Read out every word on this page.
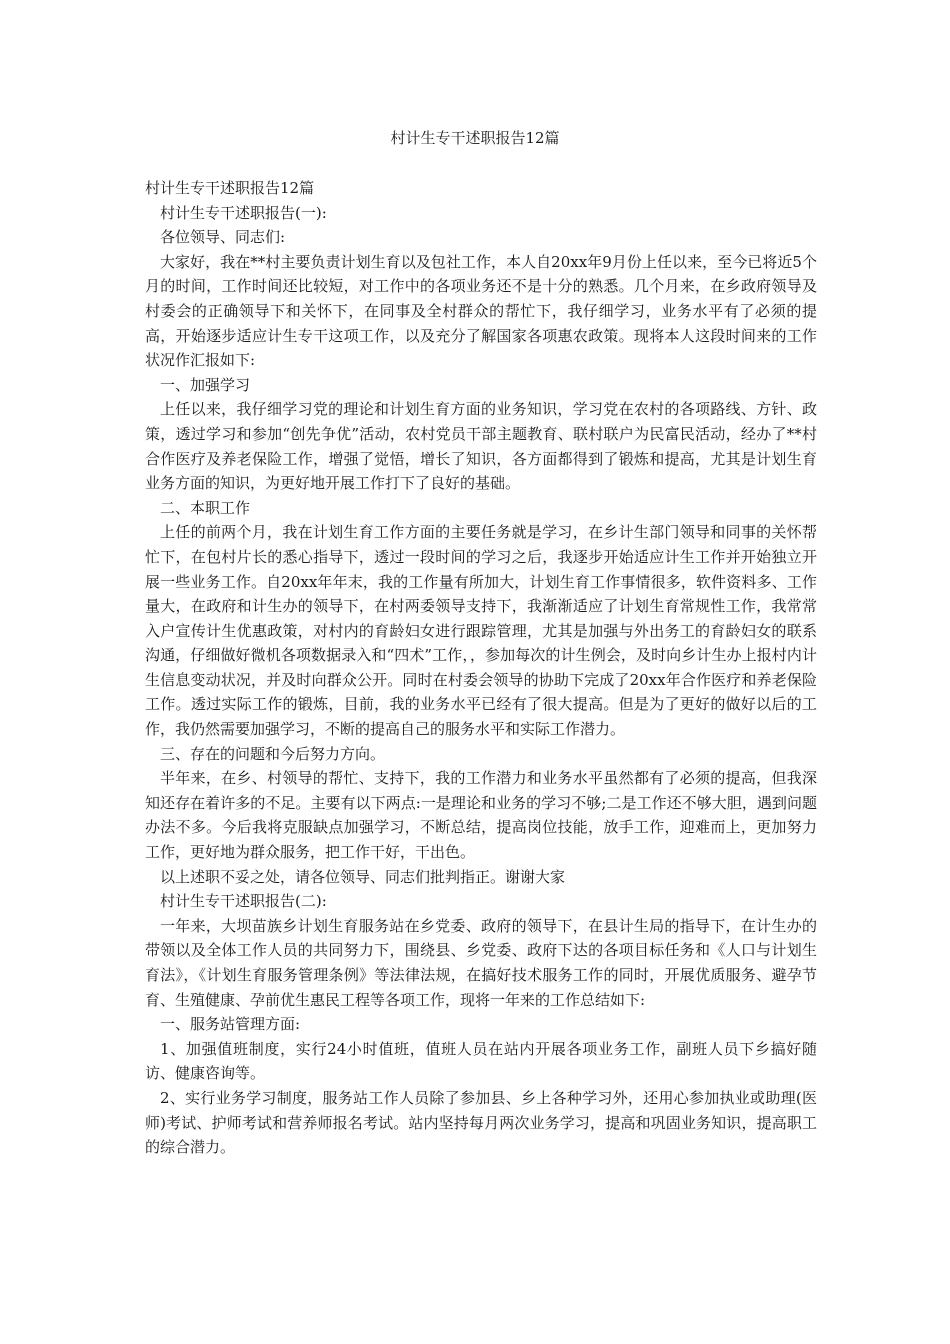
村计生专干述职报告12篇

村计生专干述职报告12篇

村计生专干述职报告(一):

各位领导、同志们:

大家好，我在**村主要负责计划生育以及包社工作，本人自20xx年9月份上任以来，至今已将近5个月的时间，工作时间还比较短，对工作中的各项业务还不是十分的熟悉。几个月来，在乡政府领导及村委会的正确领导下和关怀下，在同事及全村群众的帮忙下，我仔细学习，业务水平有了必须的提高，开始逐步适应计生专干这项工作，以及充分了解国家各项惠农政策。现将本人这段时间来的工作状况作汇报如下:

一、加强学习

上任以来，我仔细学习党的理论和计划生育方面的业务知识，学习党在农村的各项路线、方针、政策，透过学习和参加“创先争优”活动，农村党员干部主题教育、联村联户为民富民活动，经办了**村合作医疗及养老保险工作，增强了觉悟，增长了知识，各方面都得到了锻炼和提高，尤其是计划生育业务方面的知识，为更好地开展工作打下了良好的基础。

二、本职工作

上任的前两个月，我在计划生育工作方面的主要任务就是学习，在乡计生部门领导和同事的关怀帮忙下，在包村片长的悉心指导下，透过一段时间的学习之后，我逐步开始适应计生工作并开始独立开展一些业务工作。自20xx年年末，我的工作量有所加大，计划生育工作事情很多，软件资料多、工作量大，在政府和计生办的领导下，在村两委领导支持下，我渐渐适应了计划生育常规性工作，我常常入户宣传计生优惠政策，对村内的育龄妇女进行跟踪管理，尤其是加强与外出务工的育龄妇女的联系沟通，仔细做好微机各项数据录入和“四术”工作，，参加每次的计生例会，及时向乡计生办上报村内计生信息变动状况，并及时向群众公开。同时在村委会领导的协助下完成了20xx年合作医疗和养老保险工作。透过实际工作的锻炼，目前，我的业务水平已经有了很大提高。但是为了更好的做好以后的工作，我仍然需要加强学习，不断的提高自己的服务水平和实际工作潜力。

三、存在的问题和今后努力方向。

半年来，在乡、村领导的帮忙、支持下，我的工作潜力和业务水平虽然都有了必须的提高，但我深知还存在着许多的不足。主要有以下两点:一是理论和业务的学习不够;二是工作还不够大胆，遇到问题办法不多。今后我将克服缺点加强学习，不断总结，提高岗位技能，放手工作，迎难而上，更加努力工作，更好地为群众服务，把工作干好，干出色。

以上述职不妥之处，请各位领导、同志们批判指正。谢谢大家

村计生专干述职报告(二):

一年来，大坝苗族乡计划生育服务站在乡党委、政府的领导下，在县计生局的指导下，在计生办的带领以及全体工作人员的共同努力下，围绕县、乡党委、政府下达的各项目标任务和《人口与计划生育法》，《计划生育服务管理条例》等法律法规，在搞好技术服务工作的同时，开展优质服务、避孕节育、生殖健康、孕前优生惠民工程等各项工作，现将一年来的工作总结如下:

一、服务站管理方面:

1、加强值班制度，实行24小时值班，值班人员在站内开展各项业务工作，副班人员下乡搞好随访、健康咨询等。

2、实行业务学习制度，服务站工作人员除了参加县、乡上各种学习外，还用心参加执业或助理(医师)考试、护师考试和营养师报名考试。站内坚持每月两次业务学习，提高和巩固业务知识，提高职工的综合潜力。
